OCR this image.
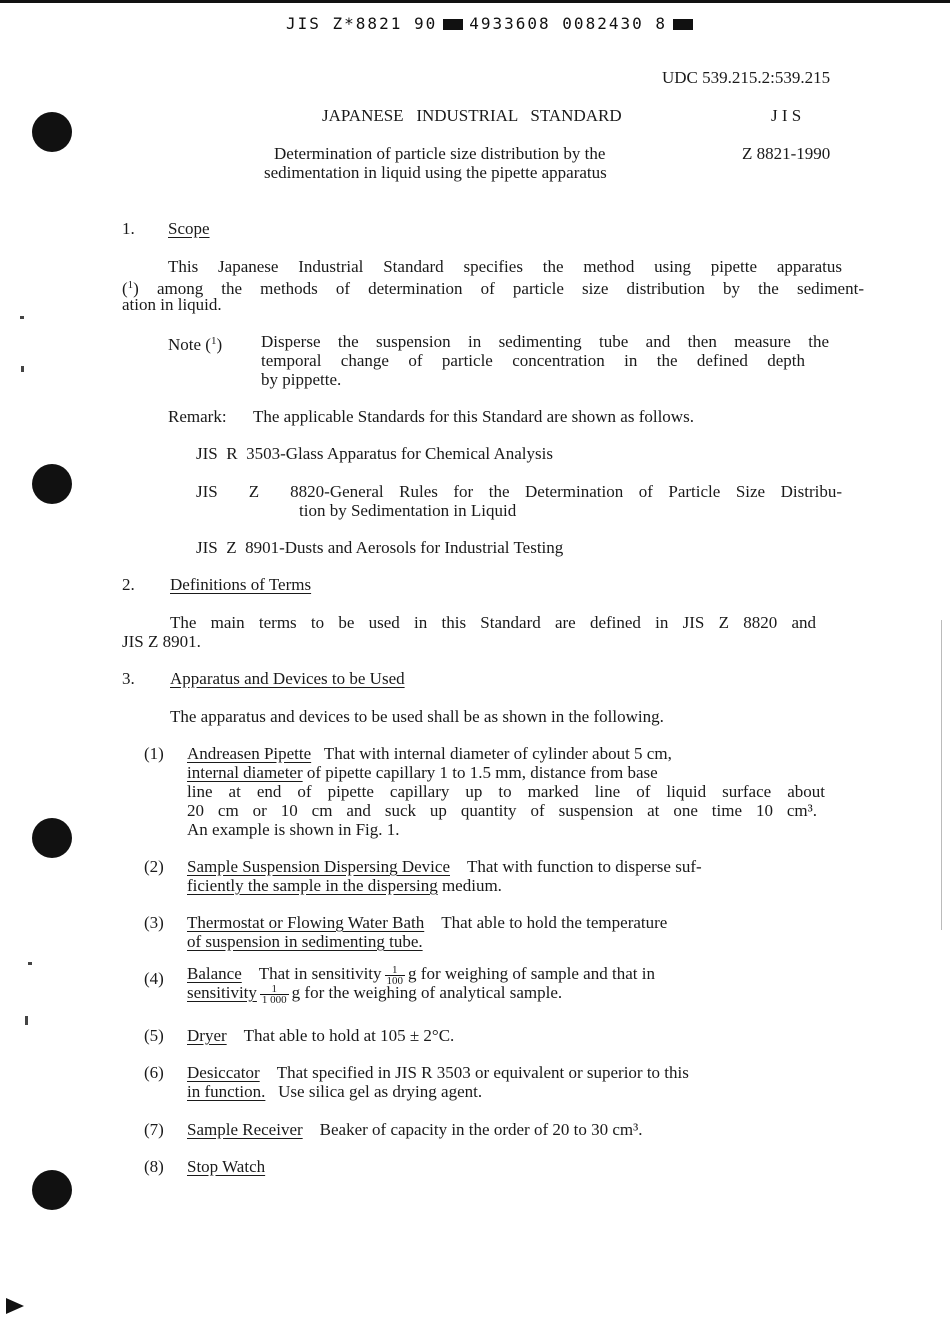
JIS Z*8821 90 4933608 0082430 8
UDC 539.215.2:539.215
JAPANESE   INDUSTRIAL   STANDARD	J I S
Determination of particle size distribution by the
sedimentation in liquid using the pipette apparatus
Z 8821-1990
1. Scope
This Japanese Industrial Standard specifies the method using pipette apparatus
($^1$) among the methods of determination of particle size distribution by the sediment-
ation in liquid.
Note ($^1$) Disperse the suspension in sedimenting tube and then measure the
temporal change of particle concentration in the defined depth
by pippette.
Remark: The applicable Standards for this Standard are shown as follows.
JIS  R  3503-Glass Apparatus for Chemical Analysis
JIS  Z  8820-General Rules for the Determination of Particle Size Distribu-
tion by Sedimentation in Liquid
JIS  Z  8901-Dusts and Aerosols for Industrial Testing
2. Definitions of Terms
The main terms to be used in this Standard are defined in JIS Z 8820 and
JIS Z 8901.
3. Apparatus and Devices to be Used
The apparatus and devices to be used shall be as shown in the following.
(1) Andreasen Pipette That with internal diameter of cylinder about 5 cm,
internal diameter of pipette capillary 1 to 1.5 mm, distance from base
line at end of pipette capillary up to marked line of liquid surface about
20 cm or 10 cm and suck up quantity of suspension at one time 10 cm³.
An example is shown in Fig. 1.
(2) Sample Suspension Dispersing Device That with function to disperse suf-
ficiently the sample in the dispersing medium.
(3) Thermostat or Flowing Water Bath That able to hold the temperature
of suspension in sedimenting tube.
(4) Balance That in sensitivity $\frac{1}{100}$ g for weighing of sample and that in
sensitivity $\frac{1}{1 000}$ g for the weighing of analytical sample.
(5) Dryer That able to hold at 105 ± 2°C.
(6) Desiccator That specified in JIS R 3503 or equivalent or superior to this
in function. Use silica gel as drying agent.
(7) Sample Receiver Beaker of capacity in the order of 20 to 30 cm³.
(8) Stop Watch
